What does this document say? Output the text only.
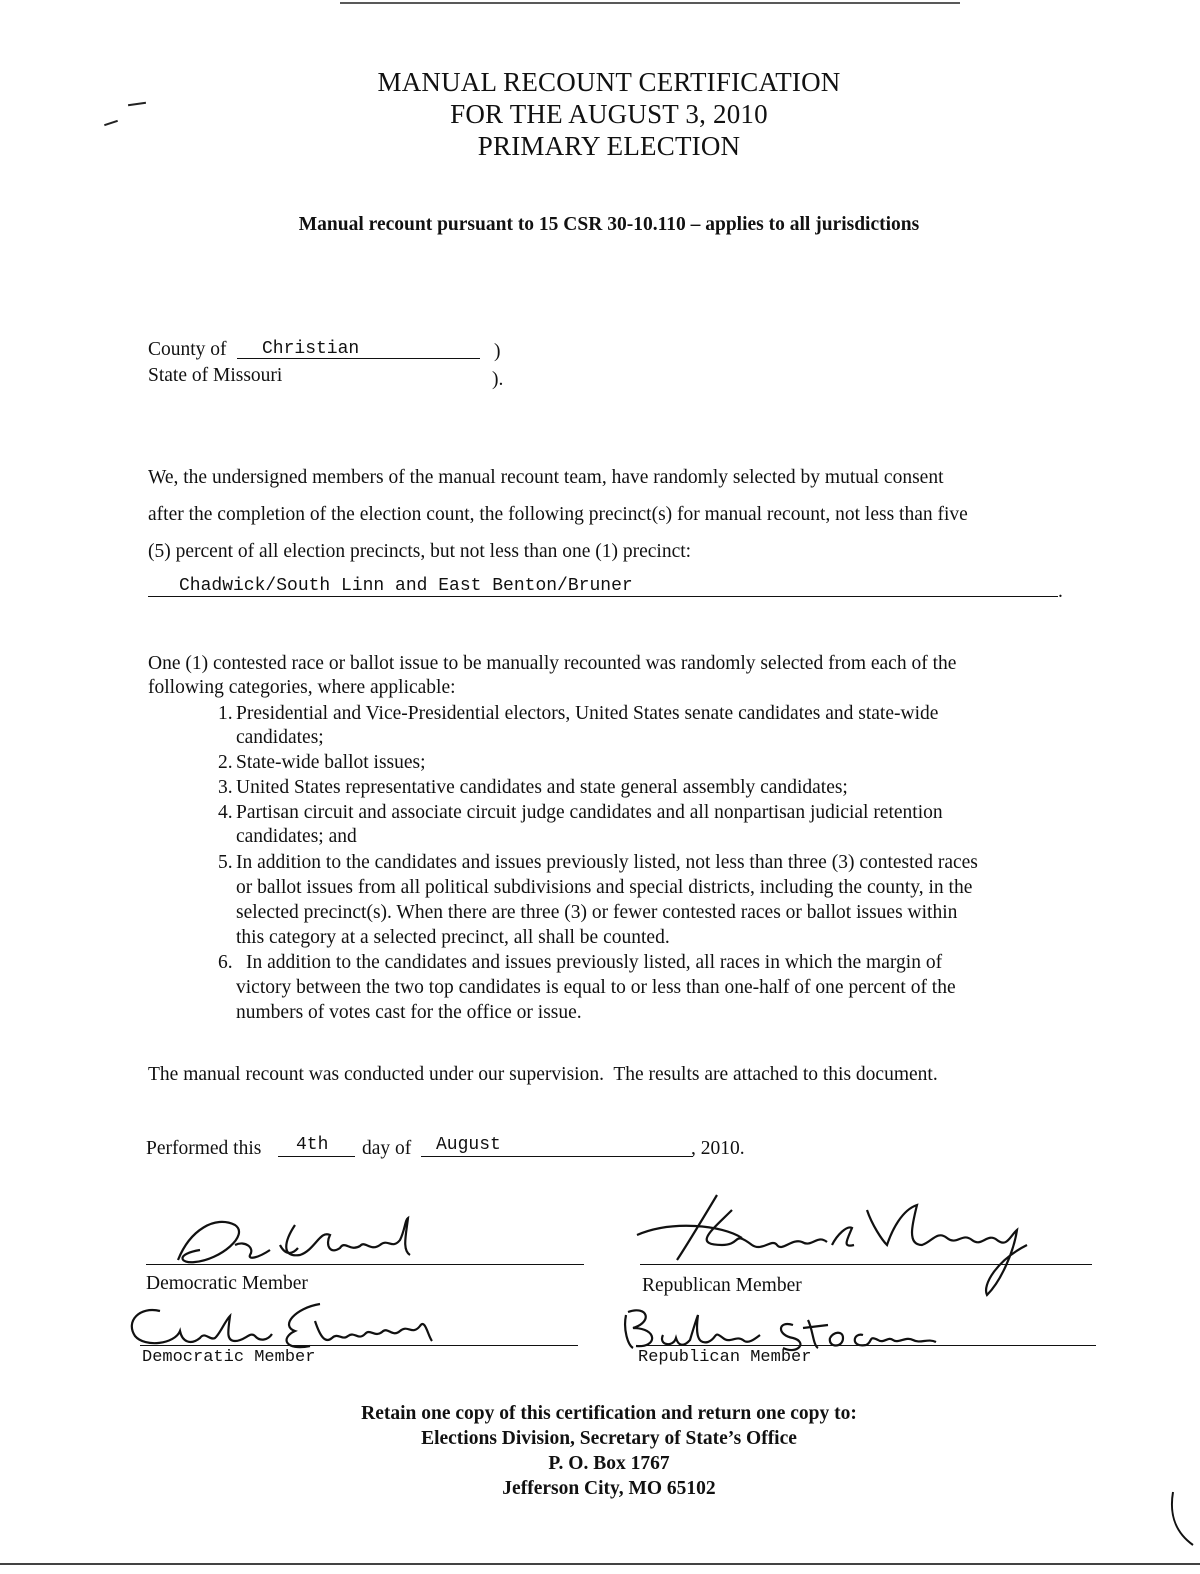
MANUAL RECOUNT CERTIFICATION
FOR THE AUGUST 3, 2010
PRIMARY ELECTION
Manual recount pursuant to 15 CSR 30-10.110 – applies to all jurisdictions
County of Christian	)
State of Missouri	).
We, the undersigned members of the manual recount team, have randomly selected by mutual consent
after the completion of the election count, the following precinct(s) for manual recount, not less than five
(5) percent of all election precincts, but not less than one (1) precinct:
Chadwick/South Linn and East Benton/Bruner	.
One (1) contested race or ballot issue to be manually recounted was randomly selected from each of the
following categories, where applicable:
1. Presidential and Vice-Presidential electors, United States senate candidates and state-wide
candidates;
2. State-wide ballot issues;
3. United States representative candidates and state general assembly candidates;
4. Partisan circuit and associate circuit judge candidates and all nonpartisan judicial retention
candidates; and
5. In addition to the candidates and issues previously listed, not less than three (3) contested races
or ballot issues from all political subdivisions and special districts, including the county, in the
selected precinct(s). When there are three (3) or fewer contested races or ballot issues within
this category at a selected precinct, all shall be counted.
6. In addition to the candidates and issues previously listed, all races in which the margin of
victory between the two top candidates is equal to or less than one-half of one percent of the
numbers of votes cast for the office or issue.
The manual recount was conducted under our supervision.  The results are attached to this document.
Performed this 4th day of August	, 2010.
Democratic Member	Republican Member
Democratic Member	Republican Member
Retain one copy of this certification and return one copy to:
Elections Division, Secretary of State’s Office
P. O. Box 1767
Jefferson City, MO 65102
